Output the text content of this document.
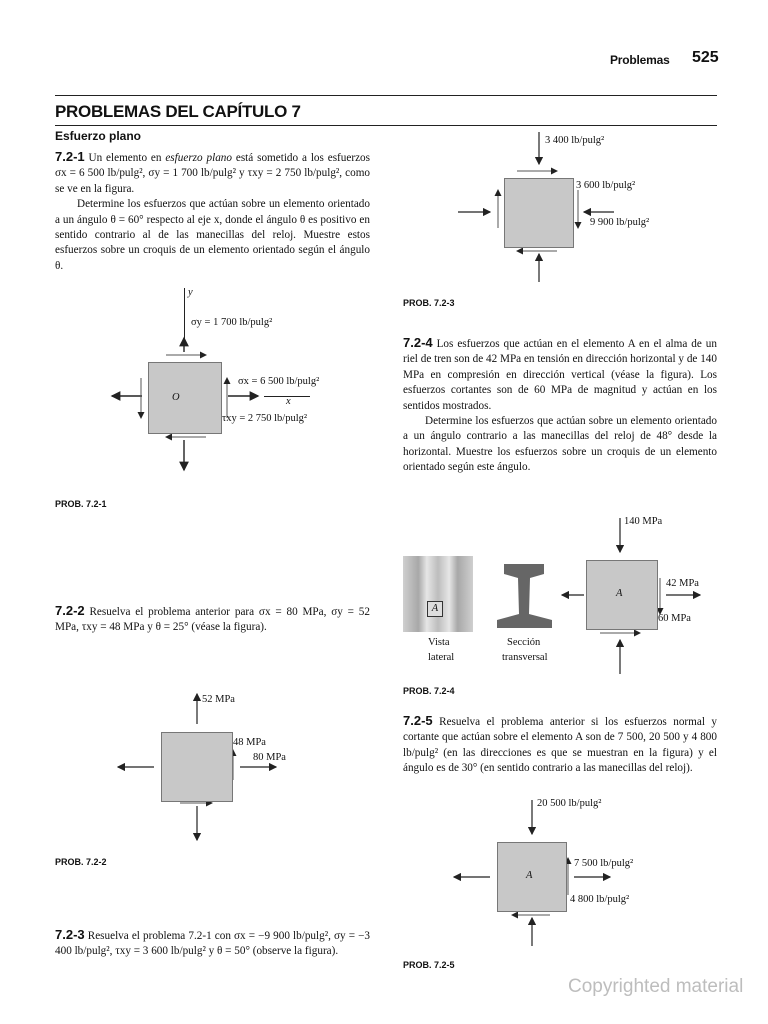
Problemas 525
PROBLEMAS DEL CAPÍTULO 7
Esfuerzo plano
7.2-1 Un elemento en esfuerzo plano está sometido a los esfuerzos σx = 6 500 lb/pulg², σy = 1 700 lb/pulg² y τxy = 2 750 lb/pulg², como se ve en la figura.
Determine los esfuerzos que actúan sobre un elemento orientado a un ángulo θ = 60° respecto al eje x, donde el ángulo θ es positivo en sentido contrario al de las manecillas del reloj. Muestre estos esfuerzos sobre un croquis de un elemento orientado según el ángulo θ.
y
σy = 1 700 lb/pulg²
O
σx = 6 500 lb/pulg²
x
τxy = 2 750 lb/pulg²
PROB. 7.2-1
7.2-2 Resuelva el problema anterior para σx = 80 MPa, σy = 52 MPa, τxy = 48 MPa y θ = 25° (véase la figura).
52 MPa
48 MPa
80 MPa
PROB. 7.2-2
7.2-3 Resuelva el problema 7.2-1 con σx = −9 900 lb/pulg², σy = −3 400 lb/pulg², τxy = 3 600 lb/pulg² y θ = 50° (observe la figura).
3 400 lb/pulg²
3 600 lb/pulg²
9 900 lb/pulg²
PROB. 7.2-3
7.2-4 Los esfuerzos que actúan en el elemento A en el alma de un riel de tren son de 42 MPa en tensión en dirección horizontal y de 140 MPa en compresión en dirección vertical (véase la figura). Los esfuerzos cortantes son de 60 MPa de magnitud y actúan en los sentidos mostrados.
Determine los esfuerzos que actúan sobre un elemento orientado a un ángulo contrario a las manecillas del reloj de 48° desde la horizontal. Muestre los esfuerzos sobre un croquis de un elemento orientado según este ángulo.
A
Vista
lateral
Sección
transversal
A
140 MPa
42 MPa
60 MPa
PROB. 7.2-4
7.2-5 Resuelva el problema anterior si los esfuerzos normal y cortante que actúan sobre el elemento A son de 7 500, 20 500 y 4 800 lb/pulg² (en las direcciones es que se muestran en la figura) y el ángulo es de 30° (en sentido contrario a las manecillas del reloj).
A
20 500 lb/pulg²
7 500 lb/pulg²
4 800 lb/pulg²
PROB. 7.2-5
Copyrighted material
